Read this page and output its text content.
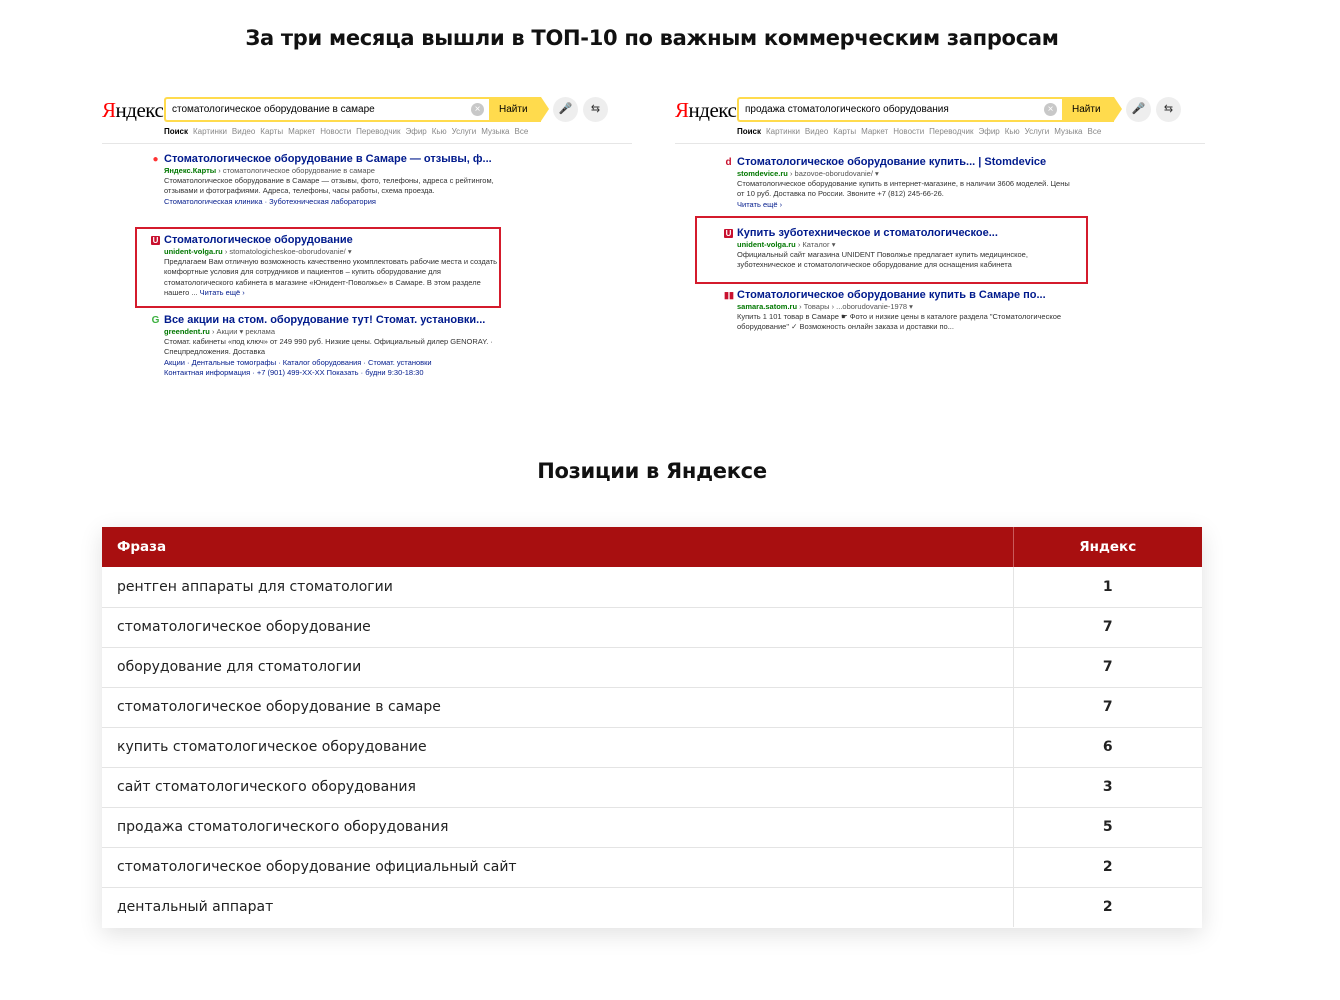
За три месяца вышли в ТОП-10 по важным коммерческим запросам
Яндекс стоматологическое оборудование в самаре	×	Найти	🎤	⇆
Поиск Картинки Видео Карты Маркет Новости Переводчик Эфир Кью Услуги Музыка Все
● Стоматологическое оборудование в Самаре — отзывы, ф...
Яндекс.Карты › стоматологическое оборудование в самаре
Стоматологическое оборудование в Самаре — отзывы, фото, телефоны, адреса с рейтингом, отзывами и фотографиями. Адреса, телефоны, часы работы, схема проезда.
Стоматологическая клиника · Зуботехническая лаборатория
U Стоматологическое оборудование
unident-volga.ru › stomatologicheskoe-oborudovanie/ ▾
Предлагаем Вам отличную возможность качественно укомплектовать рабочие места и создать комфортные условия для сотрудников и пациентов – купить оборудование для стоматологического кабинета в магазине «Юнидент-Поволжье» в Самаре. В этом разделе нашего ... Читать ещё ›
G Все акции на стом. оборудование тут! Стомат. установки...
greendent.ru › Акции ▾ реклама
Стомат. кабинеты «под ключ» от 249 990 руб. Низкие цены. Официальный дилер GENORAY. · Спецпредложения. Доставка
Акции · Дентальные томографы · Каталог оборудования · Стомат. установки
Контактная информация · +7 (901) 499-XX-XX Показать · будни 9:30-18:30
Яндекс продажа стоматологического оборудования	×	Найти	🎤	⇆
Поиск Картинки Видео Карты Маркет Новости Переводчик Эфир Кью Услуги Музыка Все
d Стоматологическое оборудование купить... | Stomdevice
stomdevice.ru › bazovoe-oborudovanie/ ▾
Стоматологическое оборудование купить в интернет-магазине, в наличии 3606 моделей. Цены от 10 руб. Доставка по России. Звоните +7 (812) 245-66-26.
Читать ещё ›
U Купить зуботехническое и стоматологическое...
unident-volga.ru › Каталог ▾
Официальный сайт магазина UNIDENT Поволжье предлагает купить медицинское, зуботехническое и стоматологическое оборудование для оснащения кабинета
▮▮ Стоматологическое оборудование купить в Самаре по...
samara.satom.ru › Товары › ...oborudovanie-1978 ▾
Купить 1 101 товар в Самаре ☛ Фото и низкие цены в каталоге раздела "Стоматологическое оборудование" ✓ Возможность онлайн заказа и доставки по...
Позиции в Яндексе
Фраза	Яндекс
рентген аппараты для стоматологии	1
стоматологическое оборудование	7
оборудование для стоматологии	7
стоматологическое оборудование в самаре	7
купить стоматологическое оборудование	6
сайт стоматологического оборудования	3
продажа стоматологического оборудования	5
стоматологическое оборудование официальный сайт	2
дентальный аппарат	2
